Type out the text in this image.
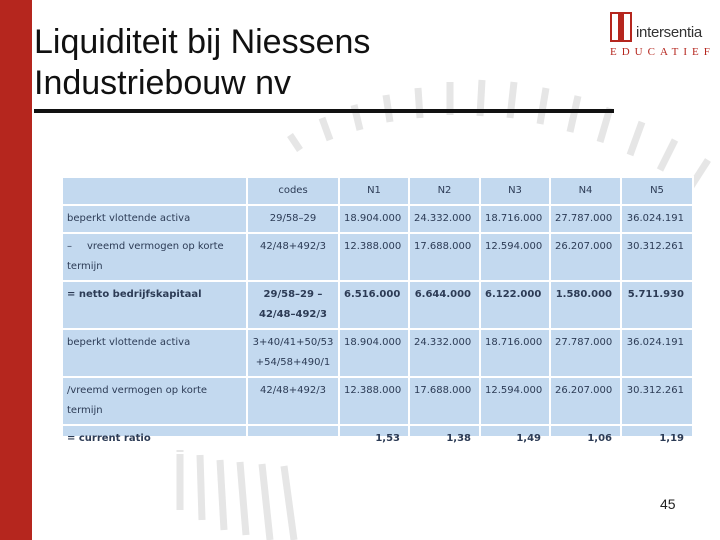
Liquiditeit bij Niessens
Industriebouw nv
intersentia
EDUCATIEF
	codes	N1	N2	N3	N4	N5
beperkt vlottende activa	29/58–29	18.904.000	24.332.000	18.716.000	27.787.000	36.024.191
– vreemd vermogen op korte termijn	42/48+492/3	12.388.000	17.688.000	12.594.000	26.207.000	30.312.261
= netto bedrijfskapitaal	29/58–29 –42/48–492/3	6.516.000	6.644.000	6.122.000	1.580.000	5.711.930
beperkt vlottende activa	3+40/41+50/53 +54/58+490/1	18.904.000	24.332.000	18.716.000	27.787.000	36.024.191
/vreemd vermogen op korte termijn	42/48+492/3	12.388.000	17.688.000	12.594.000	26.207.000	30.312.261
= current ratio		1,53	1,38	1,49	1,06	1,19
45
